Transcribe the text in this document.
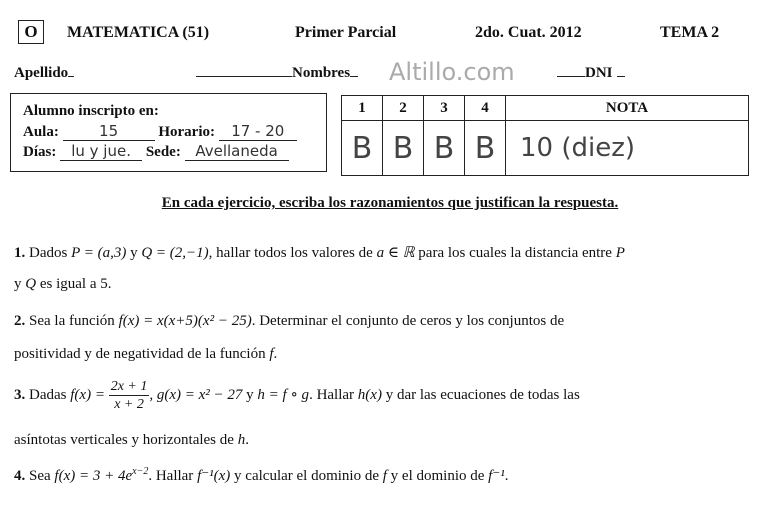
O	MATEMATICA (51)	Primer Parcial	2do. Cuat. 2012	TEMA 2
Apellido	Nombres	Altillo.com	DNI
Alumno inscripto en:
Aula:	15	Horario: 17 - 20
Días: lu y jue. Sede: Avellaneda
1	2	3	4	NOTA
B	B	B	B	10 (diez)
En cada ejercicio, escriba los razonamientos que justifican la respuesta.
1. Dados P = (a,3) y Q = (2,−1), hallar todos los valores de a ∈ ℝ para los cuales la distancia entre P
y Q es igual a 5.
2. Sea la función f(x) = x(x+5)(x² − 25). Determinar el conjunto de ceros y los conjuntos de
positividad y de negatividad de la función f.
3. Dadas $f(x) = \frac{2x + 1}{x + 2}$ , g(x) = x² − 27 y h = f ∘ g. Hallar h(x) y dar las ecuaciones de todas las
asíntotas verticales y horizontales de h.
4. Sea $f(x) = 3 + 4e^{x-2}$. Hallar f⁻¹(x) y calcular el dominio de f y el dominio de f⁻¹.
